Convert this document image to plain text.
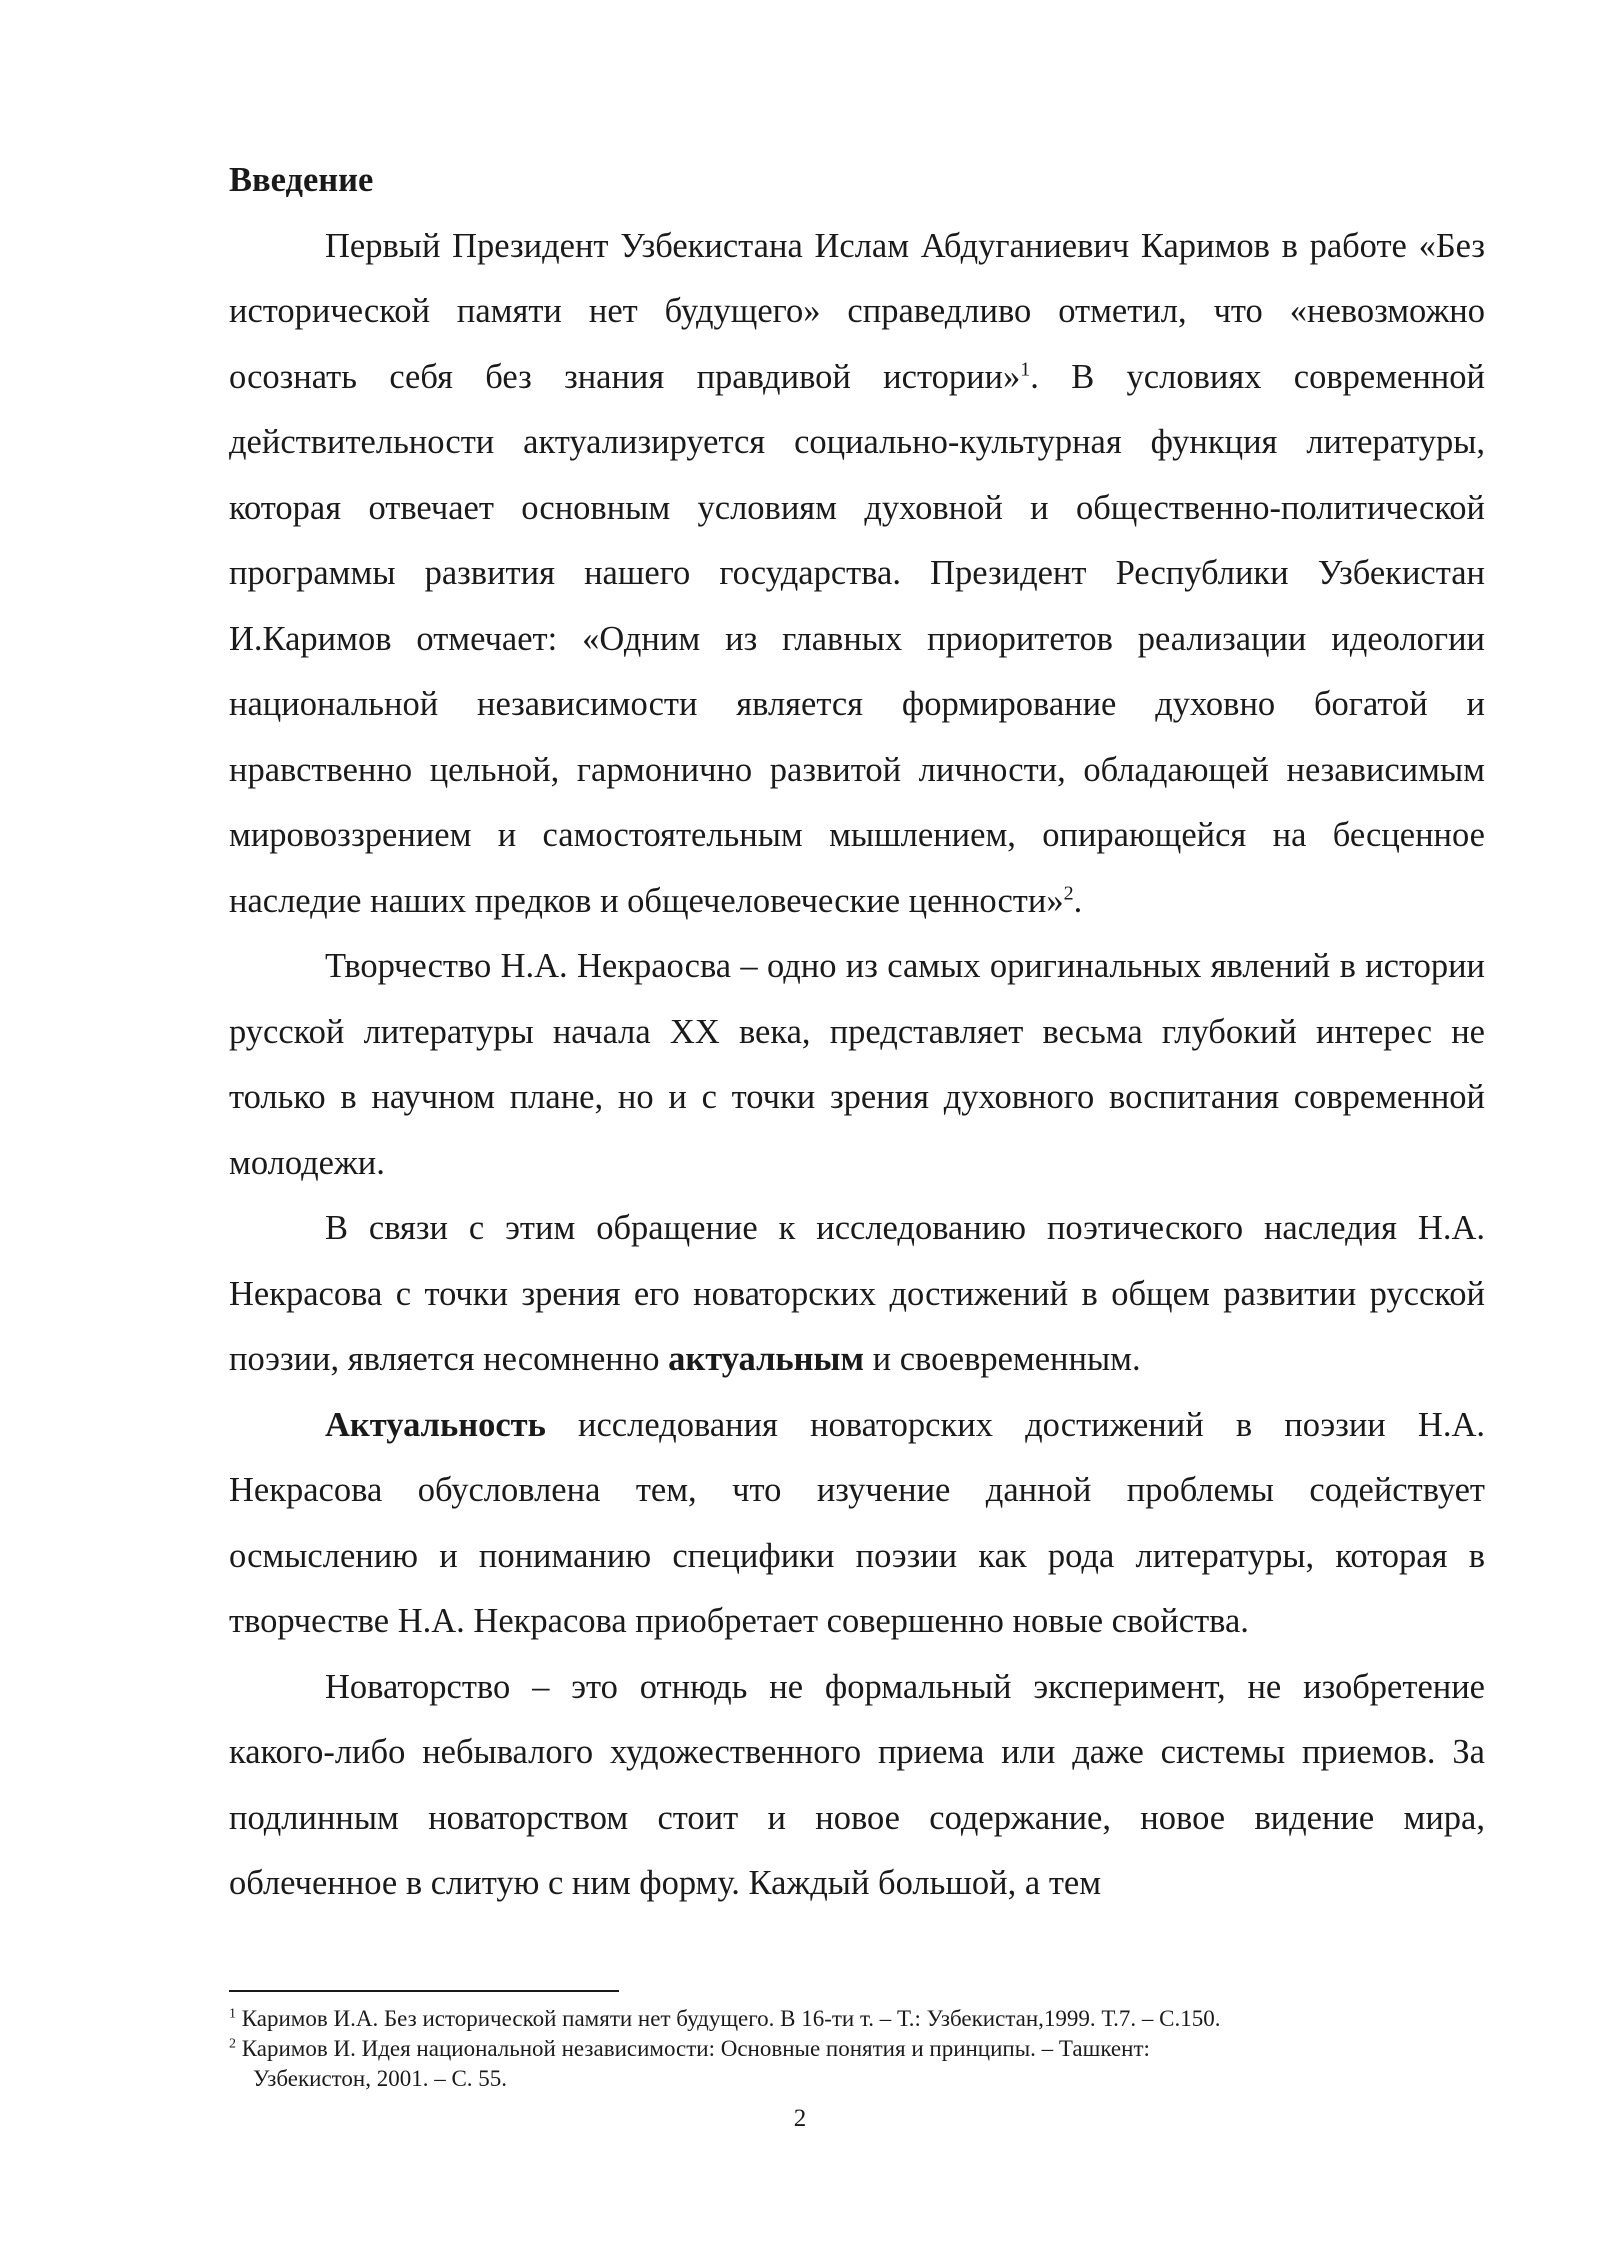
Введение

Первый Президент Узбекистана Ислам Абдуганиевич Каримов в работе «Без исторической памяти нет будущего» справедливо отметил, что «невозможно осознать себя без знания правдивой истории»$^1$. В условиях современной действительности актуализируется социально-культурная функция литературы, которая отвечает основным условиям духовной и общественно-политической программы развития нашего государства. Президент Республики Узбекистан И.Каримов отмечает: «Одним из главных приоритетов реализации идеологии национальной независимости является формирование духовно богатой и нравственно цельной, гармонично развитой личности, обладающей независимым мировоззрением и самостоятельным мышлением, опирающейся на бесценное наследие наших предков и общечеловеческие ценности»$^2$.

Творчество Н.А. Некраосва – одно из самых оригинальных явлений в истории русской литературы начала XX века, представляет весьма глубокий интерес не только в научном плане, но и с точки зрения духовного воспитания современной молодежи.

В связи с этим обращение к исследованию поэтического наследия Н.А. Некрасова с точки зрения его новаторских достижений в общем развитии русской поэзии, является несомненно актуальным и своевременным.

Актуальность исследования новаторских достижений в поэзии Н.А. Некрасова обусловлена тем, что изучение данной проблемы содействует осмыслению и пониманию специфики поэзии как рода литературы, которая в творчестве Н.А. Некрасова приобретает совершенно новые свойства.

Новаторство – это отнюдь не формальный эксперимент, не изобретение какого-либо небывалого художественного приема или даже системы приемов. За подлинным новаторством стоит и новое содержание, новое видение мира, облеченное в слитую с ним форму. Каждый большой, а тем

$^1$ Каримов И.А. Без исторической памяти нет будущего. В 16-ти т. – Т.: Узбекистан,1999. Т.7. – С.150.

$^2$ Каримов И. Идея национальной независимости: Основные понятия и принципы. – Ташкент:
Узбекистон, 2001. – С. 55.

2
